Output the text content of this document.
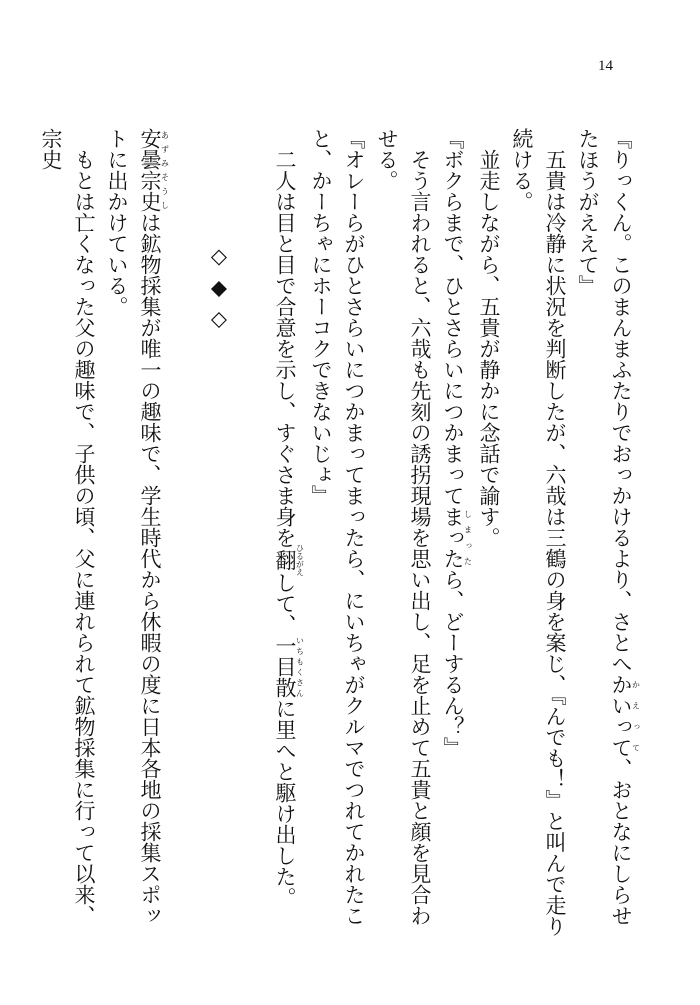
14

『りっくん。このまんまふたりでおっかけるより、さとへかいってかえって、おとなにしらせたほうがええて』

五貴は冷静に状況を判断したが、六哉は三鶴の身を案じ、『んでも！』と叫んで走り続ける。

並走しながら、五貴が静かに念話で諭す。

『ボクらまで、ひとさらいにつかまってまったしまったら、どーするん？』

そう言われると、六哉も先刻の誘拐現場を思い出し、足を止めて五貴と顔を見合わせる。

『オレーらがひとさらいにつかまってまったら、にいちゃがクルマでつれてかれたこと、かーちゃにホーコクできないじょ』

二人は目と目で合意を示し、すぐさま身を翻ひるがえして、一目散いちもくさんに里へと駆け出した。

◇◆◇

安曇宗史あずみそうしは鉱物採集が唯一の趣味で、学生時代から休暇の度に日本各地の採集スポットに出かけている。

もとは亡くなった父の趣味で、子供の頃、父に連れられて鉱物採集に行って以来、宗史
